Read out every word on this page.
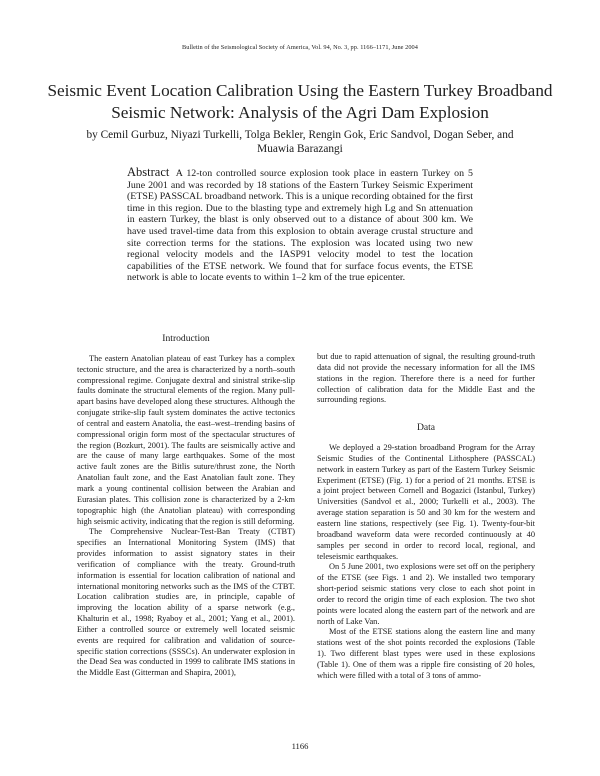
Bulletin of the Seismological Society of America, Vol. 94, No. 3, pp. 1166–1171, June 2004
Seismic Event Location Calibration Using the Eastern Turkey Broadband Seismic Network: Analysis of the Agri Dam Explosion
by Cemil Gurbuz, Niyazi Turkelli, Tolga Bekler, Rengin Gok, Eric Sandvol, Dogan Seber, and Muawia Barazangi
Abstract A 12-ton controlled source explosion took place in eastern Turkey on 5 June 2001 and was recorded by 18 stations of the Eastern Turkey Seismic Experiment (ETSE) PASSCAL broadband network. This is a unique recording obtained for the first time in this region. Due to the blasting type and extremely high Lg and Sn attenuation in eastern Turkey, the blast is only observed out to a distance of about 300 km. We have used travel-time data from this explosion to obtain average crustal structure and site correction terms for the stations. The explosion was located using two new regional velocity models and the IASP91 velocity model to test the location capabilities of the ETSE network. We found that for surface focus events, the ETSE network is able to locate events to within 1–2 km of the true epicenter.
Introduction

The eastern Anatolian plateau of east Turkey has a complex tectonic structure, and the area is characterized by a north–south compressional regime. Conjugate dextral and sinistral strike-slip faults dominate the structural elements of the region. Many pull-apart basins have developed along these structures. Although the conjugate strike-slip fault system dominates the active tectonics of central and eastern Anatolia, the east–west–trending basins of compressional origin form most of the spectacular structures of the region (Bozkurt, 2001). The faults are seismically active and are the cause of many large earthquakes. Some of the most active fault zones are the Bitlis suture/thrust zone, the North Anatolian fault zone, and the East Anatolian fault zone. They mark a young continental collision between the Arabian and Eurasian plates. This collision zone is characterized by a 2-km topographic high (the Anatolian plateau) with corresponding high seismic activity, indicating that the region is still deforming.

The Comprehensive Nuclear-Test-Ban Treaty (CTBT) specifies an International Monitoring System (IMS) that provides information to assist signatory states in their verification of compliance with the treaty. Ground-truth information is essential for location calibration of national and international monitoring networks such as the IMS of the CTBT. Location calibration studies are, in principle, capable of improving the location ability of a sparse network (e.g., Khalturin et al., 1998; Ryaboy et al., 2001; Yang et al., 2001). Either a controlled source or extremely well located seismic events are required for calibration and validation of source-specific station corrections (SSSCs). An underwater explosion in the Dead Sea was conducted in 1999 to calibrate IMS stations in the Middle East (Gitterman and Shapira, 2001),

but due to rapid attenuation of signal, the resulting ground-truth data did not provide the necessary information for all the IMS stations in the region. Therefore there is a need for further collection of calibration data for the Middle East and the surrounding regions.

Data

We deployed a 29-station broadband Program for the Array Seismic Studies of the Continental Lithosphere (PASSCAL) network in eastern Turkey as part of the Eastern Turkey Seismic Experiment (ETSE) (Fig. 1) for a period of 21 months. ETSE is a joint project between Cornell and Bogazici (Istanbul, Turkey) Universities (Sandvol et al., 2000; Turkelli et al., 2003). The average station separation is 50 and 30 km for the western and eastern line stations, respectively (see Fig. 1). Twenty-four-bit broadband waveform data were recorded continuously at 40 samples per second in order to record local, regional, and teleseismic earthquakes.

On 5 June 2001, two explosions were set off on the periphery of the ETSE (see Figs. 1 and 2). We installed two temporary short-period seismic stations very close to each shot point in order to record the origin time of each explosion. The two shot points were located along the eastern part of the network and are north of Lake Van.

Most of the ETSE stations along the eastern line and many stations west of the shot points recorded the explosions (Table 1). Two different blast types were used in these explosions (Table 1). One of them was a ripple fire consisting of 20 holes, which were filled with a total of 3 tons of ammo-

1166
